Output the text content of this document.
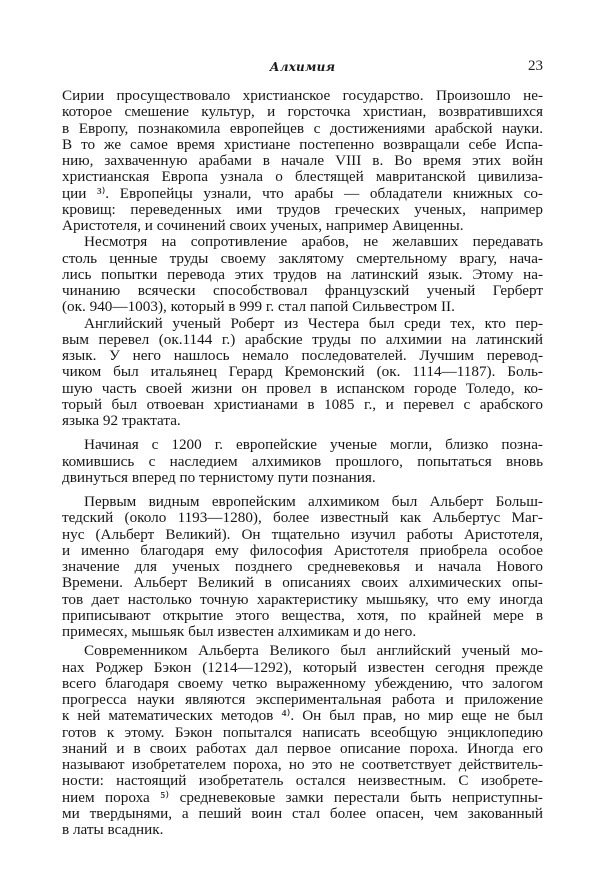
Алхимия	23
Сирии просуществовало христианское государство. Произошло не-
которое смешение культур, и горсточка христиан, возвратившихся
в Европу, познакомила европейцев с достижениями арабской науки.
В то же самое время христиане постепенно возвращали себе Испа-
нию, захваченную арабами в начале VIII в. Во время этих войн
христианская Европа узнала о блестящей мавританской цивилиза-
ции ³⁾. Европейцы узнали, что арабы — обладатели книжных со-
кровищ: переведенных ими трудов греческих ученых, например
Аристотеля, и сочинений своих ученых, например Авиценны.
Несмотря на сопротивление арабов, не желавших передавать
столь ценные труды своему заклятому смертельному врагу, нача-
лись попытки перевода этих трудов на латинский язык. Этому на-
чинанию всячески способствовал французский ученый Герберт
(ок. 940—1003), который в 999 г. стал папой Сильвестром II.
Английский ученый Роберт из Честера был среди тех, кто пер-
вым перевел (ок.1144 г.) арабские труды по алхимии на латинский
язык. У него нашлось немало последователей. Лучшим перевод-
чиком был итальянец Герард Кремонский (ок. 1114—1187). Боль-
шую часть своей жизни он провел в испанском городе Толедо, ко-
торый был отвоеван христианами в 1085 г., и перевел с арабского
языка 92 трактата.
Начиная с 1200 г. европейские ученые могли, близко позна-
комившись с наследием алхимиков прошлого, попытаться вновь
двинуться вперед по тернистому пути познания.
Первым видным европейским алхимиком был Альберт Больш-
тедский (около 1193—1280), более известный как Альбертус Маг-
нус (Альберт Великий). Он тщательно изучил работы Аристотеля,
и именно благодаря ему философия Аристотеля приобрела особое
значение для ученых позднего средневековья и начала Нового
Времени. Альберт Великий в описаниях своих алхимических опы-
тов дает настолько точную характеристику мышьяку, что ему иногда
приписывают открытие этого вещества, хотя, по крайней мере в
примесях, мышьяк был известен алхимикам и до него.
Современником Альберта Великого был английский ученый мо-
нах Роджер Бэкон (1214—1292), который известен сегодня прежде
всего благодаря своему четко выраженному убеждению, что залогом
прогресса науки являются экспериментальная работа и приложение
к ней математических методов ⁴⁾. Он был прав, но мир еще не был
готов к этому. Бэкон попытался написать всеобщую энциклопедию
знаний и в своих работах дал первое описание пороха. Иногда его
называют изобретателем пороха, но это не соответствует действитель-
ности: настоящий изобретатель остался неизвестным. С изобрете-
нием пороха ⁵⁾ средневековые замки перестали быть неприступны-
ми твердынями, а пеший воин стал более опасен, чем закованный
в латы всадник.
